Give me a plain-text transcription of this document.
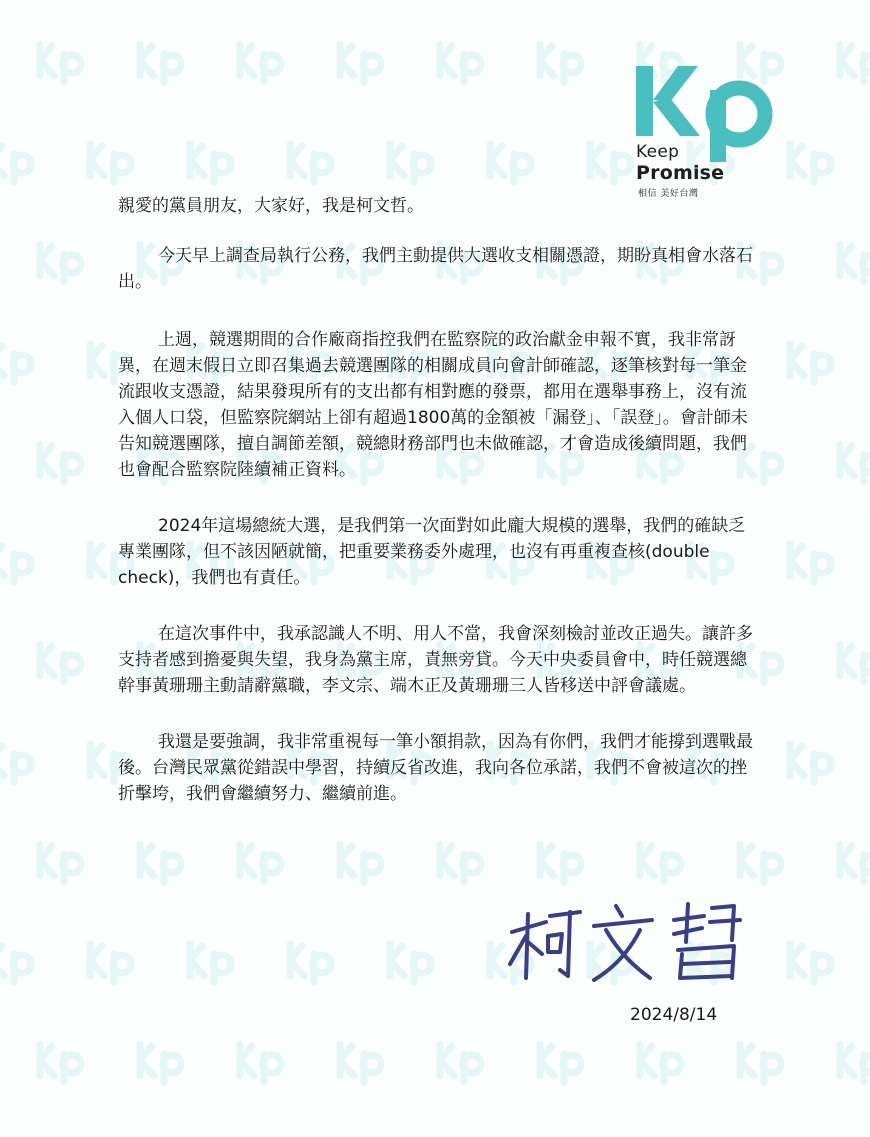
Keep
Promise
相信 美好台灣

親愛的黨員朋友，大家好，我是柯文哲。

今天早上調查局執行公務，我們主動提供大選收支相關憑證，期盼真相會水落石出。

上週，競選期間的合作廠商指控我們在監察院的政治獻金申報不實，我非常訝異，在週末假日立即召集過去競選團隊的相關成員向會計師確認，逐筆核對每一筆金流跟收支憑證，結果發現所有的支出都有相對應的發票，都用在選舉事務上，沒有流入個人口袋，但監察院網站上卻有超過1800萬的金額被「漏登」、「誤登」。會計師未告知競選團隊，擅自調節差額，競總財務部門也未做確認，才會造成後續問題，我們也會配合監察院陸續補正資料。

2024年這場總統大選，是我們第一次面對如此龐大規模的選舉，我們的確缺乏專業團隊，但不該因陋就簡，把重要業務委外處理，也沒有再重複查核(double check)，我們也有責任。

在這次事件中，我承認識人不明、用人不當，我會深刻檢討並改正過失。讓許多支持者感到擔憂與失望，我身為黨主席，責無旁貸。今天中央委員會中，時任競選總幹事黃珊珊主動請辭黨職，李文宗、端木正及黃珊珊三人皆移送中評會議處。

我還是要強調，我非常重視每一筆小額捐款，因為有你們，我們才能撐到選戰最後。台灣民眾黨從錯誤中學習，持續反省改進，我向各位承諾，我們不會被這次的挫折擊垮，我們會繼續努力、繼續前進。

2024/8/14
